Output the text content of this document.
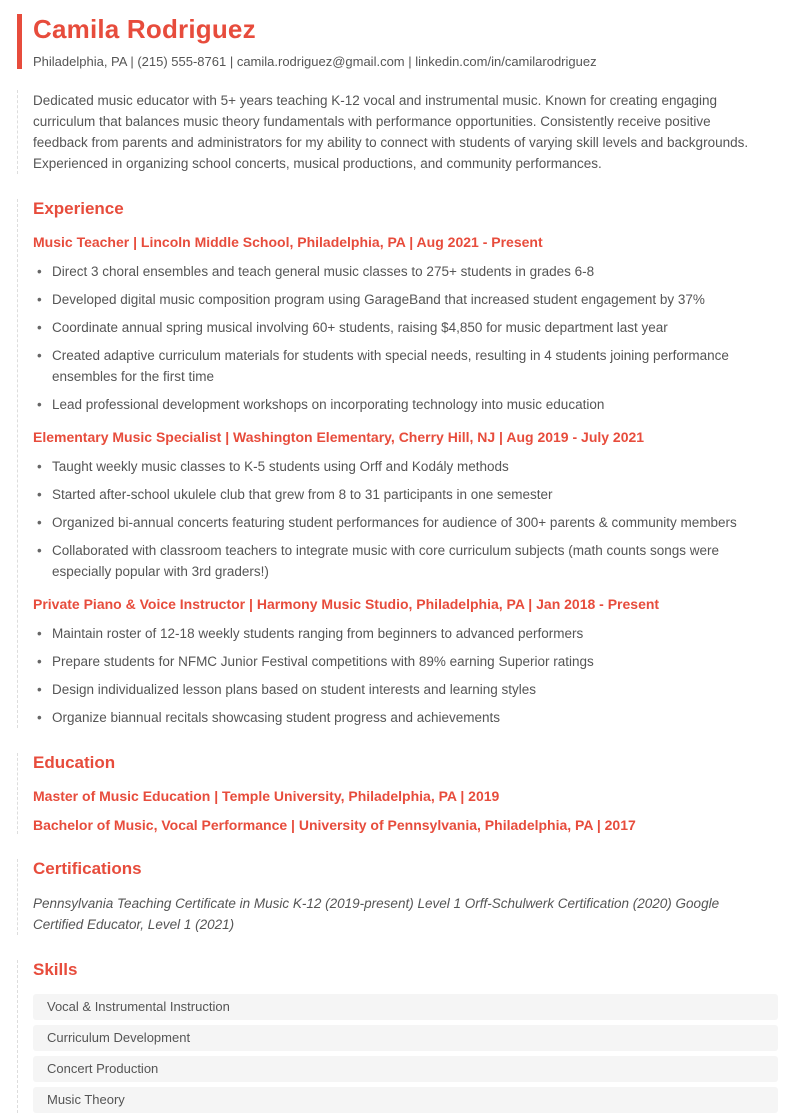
Camila Rodriguez
Philadelphia, PA | (215) 555-8761 | camila.rodriguez@gmail.com | linkedin.com/in/camilarodriguez

Dedicated music educator with 5+ years teaching K-12 vocal and instrumental music. Known for creating engaging curriculum that balances music theory fundamentals with performance opportunities. Consistently receive positive feedback from parents and administrators for my ability to connect with students of varying skill levels and backgrounds. Experienced in organizing school concerts, musical productions, and community performances.

Experience
Music Teacher | Lincoln Middle School, Philadelphia, PA | Aug 2021 - Present
• Direct 3 choral ensembles and teach general music classes to 275+ students in grades 6-8
• Developed digital music composition program using GarageBand that increased student engagement by 37%
• Coordinate annual spring musical involving 60+ students, raising $4,850 for music department last year
• Created adaptive curriculum materials for students with special needs, resulting in 4 students joining performance ensembles for the first time
• Lead professional development workshops on incorporating technology into music education
Elementary Music Specialist | Washington Elementary, Cherry Hill, NJ | Aug 2019 - July 2021
• Taught weekly music classes to K-5 students using Orff and Kodály methods
• Started after-school ukulele club that grew from 8 to 31 participants in one semester
• Organized bi-annual concerts featuring student performances for audience of 300+ parents & community members
• Collaborated with classroom teachers to integrate music with core curriculum subjects (math counts songs were especially popular with 3rd graders!)
Private Piano & Voice Instructor | Harmony Music Studio, Philadelphia, PA | Jan 2018 - Present
• Maintain roster of 12-18 weekly students ranging from beginners to advanced performers
• Prepare students for NFMC Junior Festival competitions with 89% earning Superior ratings
• Design individualized lesson plans based on student interests and learning styles
• Organize biannual recitals showcasing student progress and achievements
Education
Master of Music Education | Temple University, Philadelphia, PA | 2019
Bachelor of Music, Vocal Performance | University of Pennsylvania, Philadelphia, PA | 2017
Certifications

Pennsylvania Teaching Certificate in Music K-12 (2019-present) Level 1 Orff-Schulwerk Certification (2020) Google Certified Educator, Level 1 (2021)

Skills
Vocal & Instrumental Instruction
Curriculum Development
Concert Production
Music Theory
